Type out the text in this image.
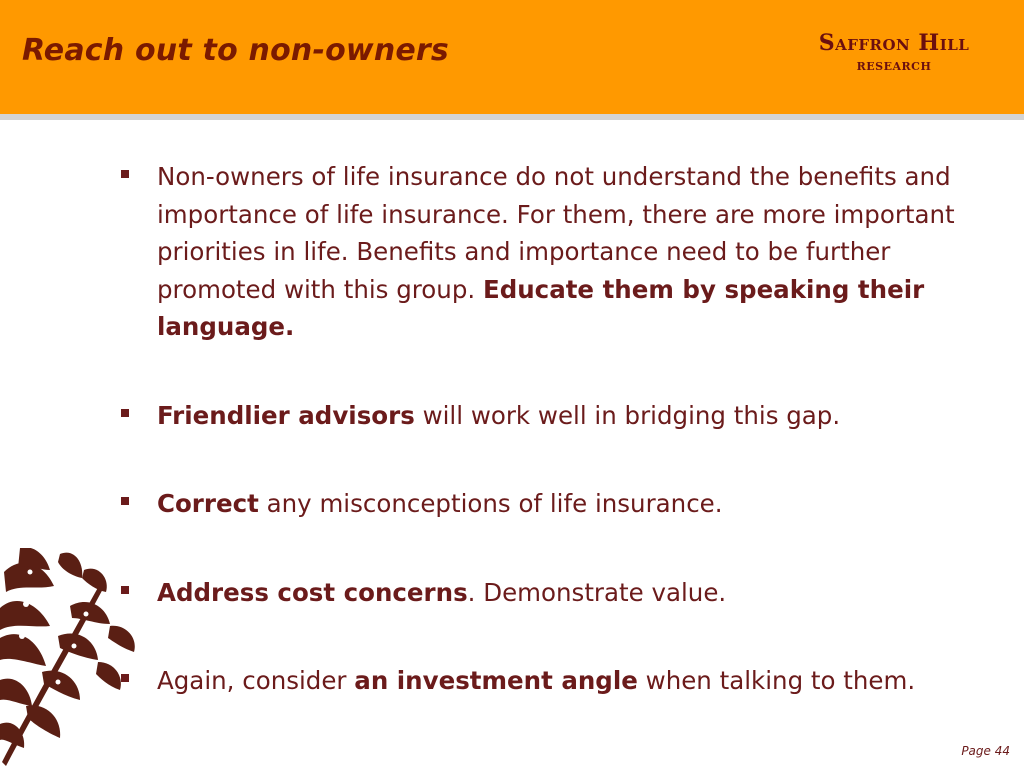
Reach out to non-owners	Saffron Hill
research
Non-owners of life insurance do not understand the benefits and importance of life insurance. For them, there are more important priorities in life. Benefits and importance need to be further promoted with this group. Educate them by speaking their language.
Friendlier advisors will work well in bridging this gap.
Correct any misconceptions of life insurance.
Address cost concerns. Demonstrate value.
Again, consider an investment angle when talking to them.
Page 44
